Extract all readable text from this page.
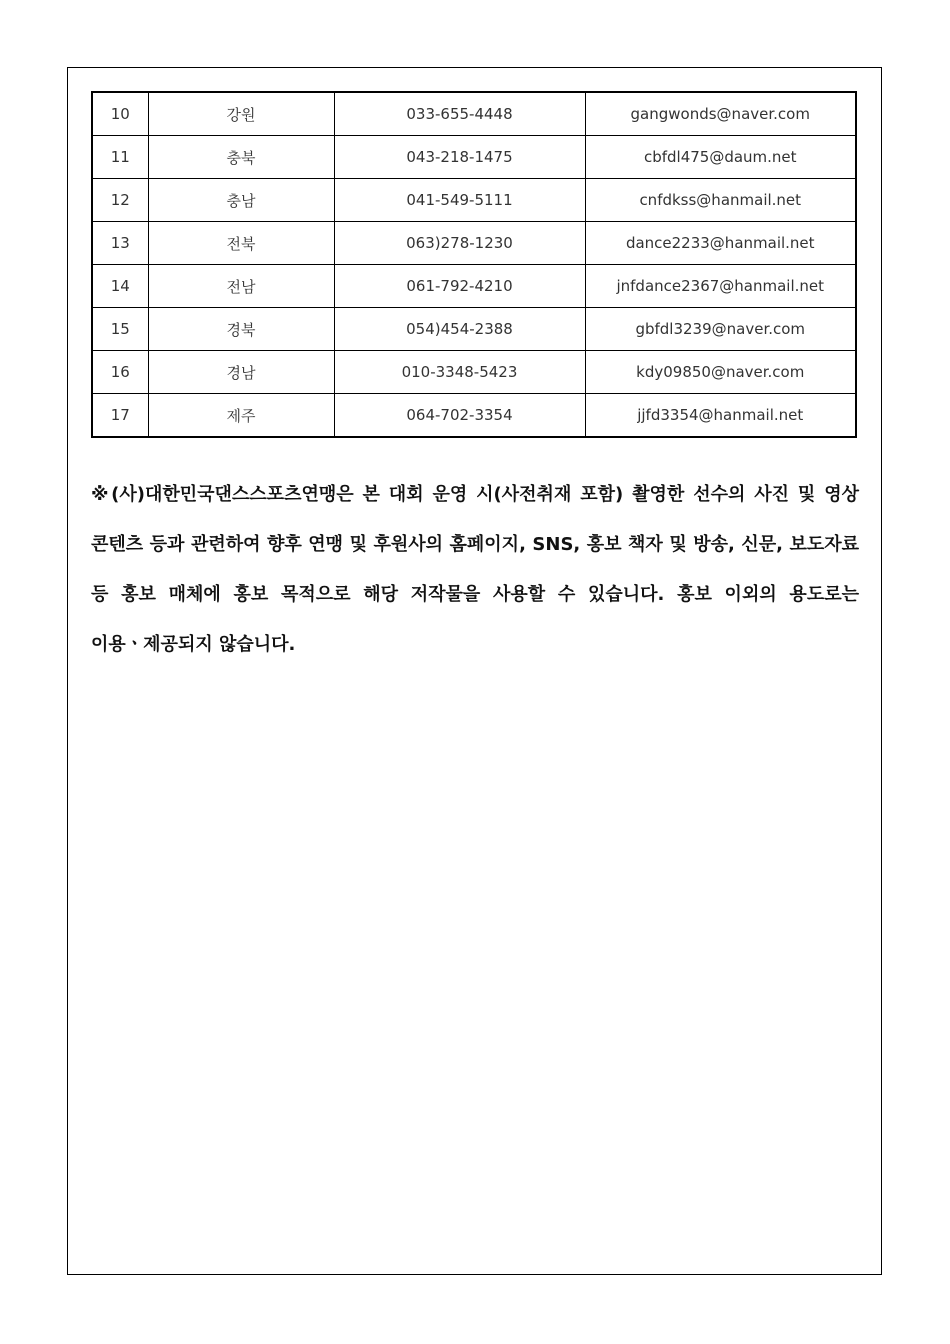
10	강원	033-655-4448	gangwonds@naver.com
11	충북	043-218-1475	cbfdl475@daum.net
12	충남	041-549-5111	cnfdkss@hanmail.net
13	전북	063)278-1230	dance2233@hanmail.net
14	전남	061-792-4210	jnfdance2367@hanmail.net
15	경북	054)454-2388	gbfdl3239@naver.com
16	경남	010-3348-5423	kdy09850@naver.com
17	제주	064-702-3354	jjfd3354@hanmail.net

※(사)대한민국댄스스포츠연맹은 본 대회 운영 시(사전취재 포함) 촬영한 선수의 사진 및 영상 콘텐츠 등과 관련하여 향후 연맹 및 후원사의 홈페이지, SNS, 홍보 책자 및 방송, 신문, 보도자료 등 홍보 매체에 홍보 목적으로 해당 저작물을 사용할 수 있습니다. 홍보 이외의 용도로는 이용ㆍ제공되지 않습니다.
